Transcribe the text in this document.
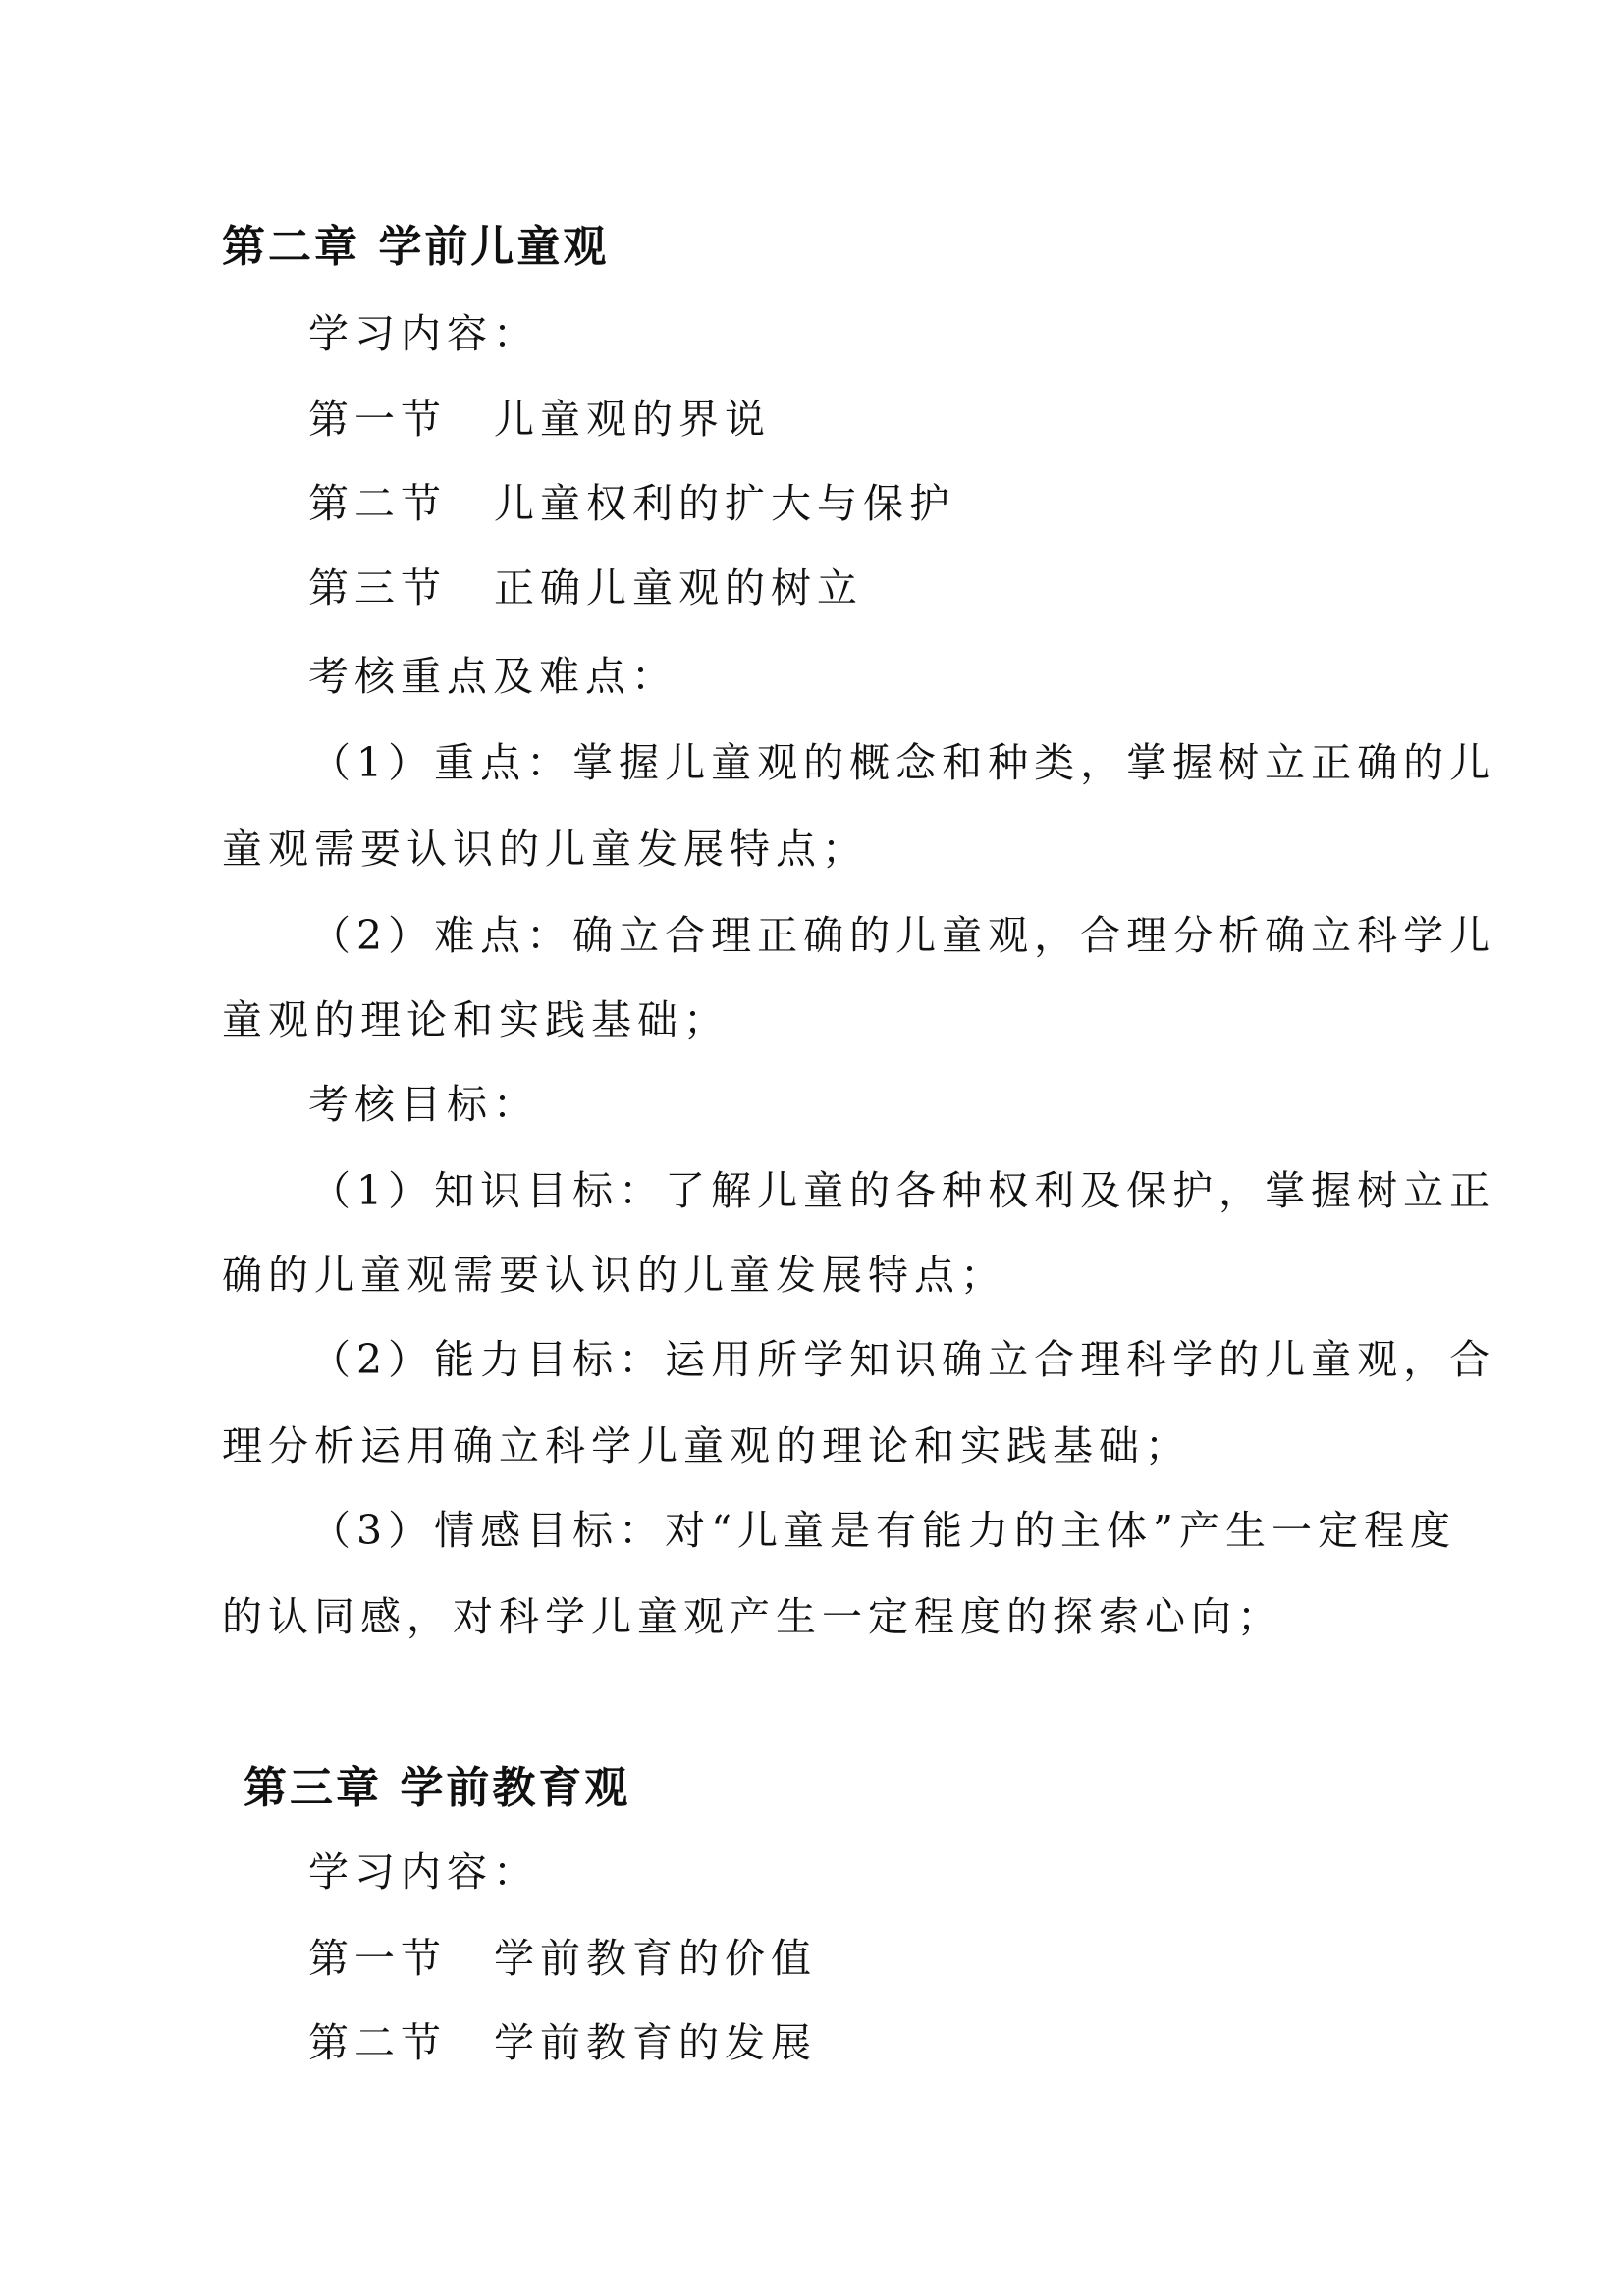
第二章 学前儿童观
学习内容：
第一节 儿童观的界说
第二节 儿童权利的扩大与保护
第三节 正确儿童观的树立
考核重点及难点：
（1）重点：掌握儿童观的概念和种类，掌握树立正确的儿
童观需要认识的儿童发展特点；
（2）难点：确立合理正确的儿童观，合理分析确立科学儿
童观的理论和实践基础；
考核目标：
（1）知识目标：了解儿童的各种权利及保护，掌握树立正
确的儿童观需要认识的儿童发展特点；
（2）能力目标：运用所学知识确立合理科学的儿童观，合
理分析运用确立科学儿童观的理论和实践基础；
（3）情感目标：对“儿童是有能力的主体”产生一定程度
的认同感，对科学儿童观产生一定程度的探索心向；
第三章 学前教育观
学习内容：
第一节 学前教育的价值
第二节 学前教育的发展
